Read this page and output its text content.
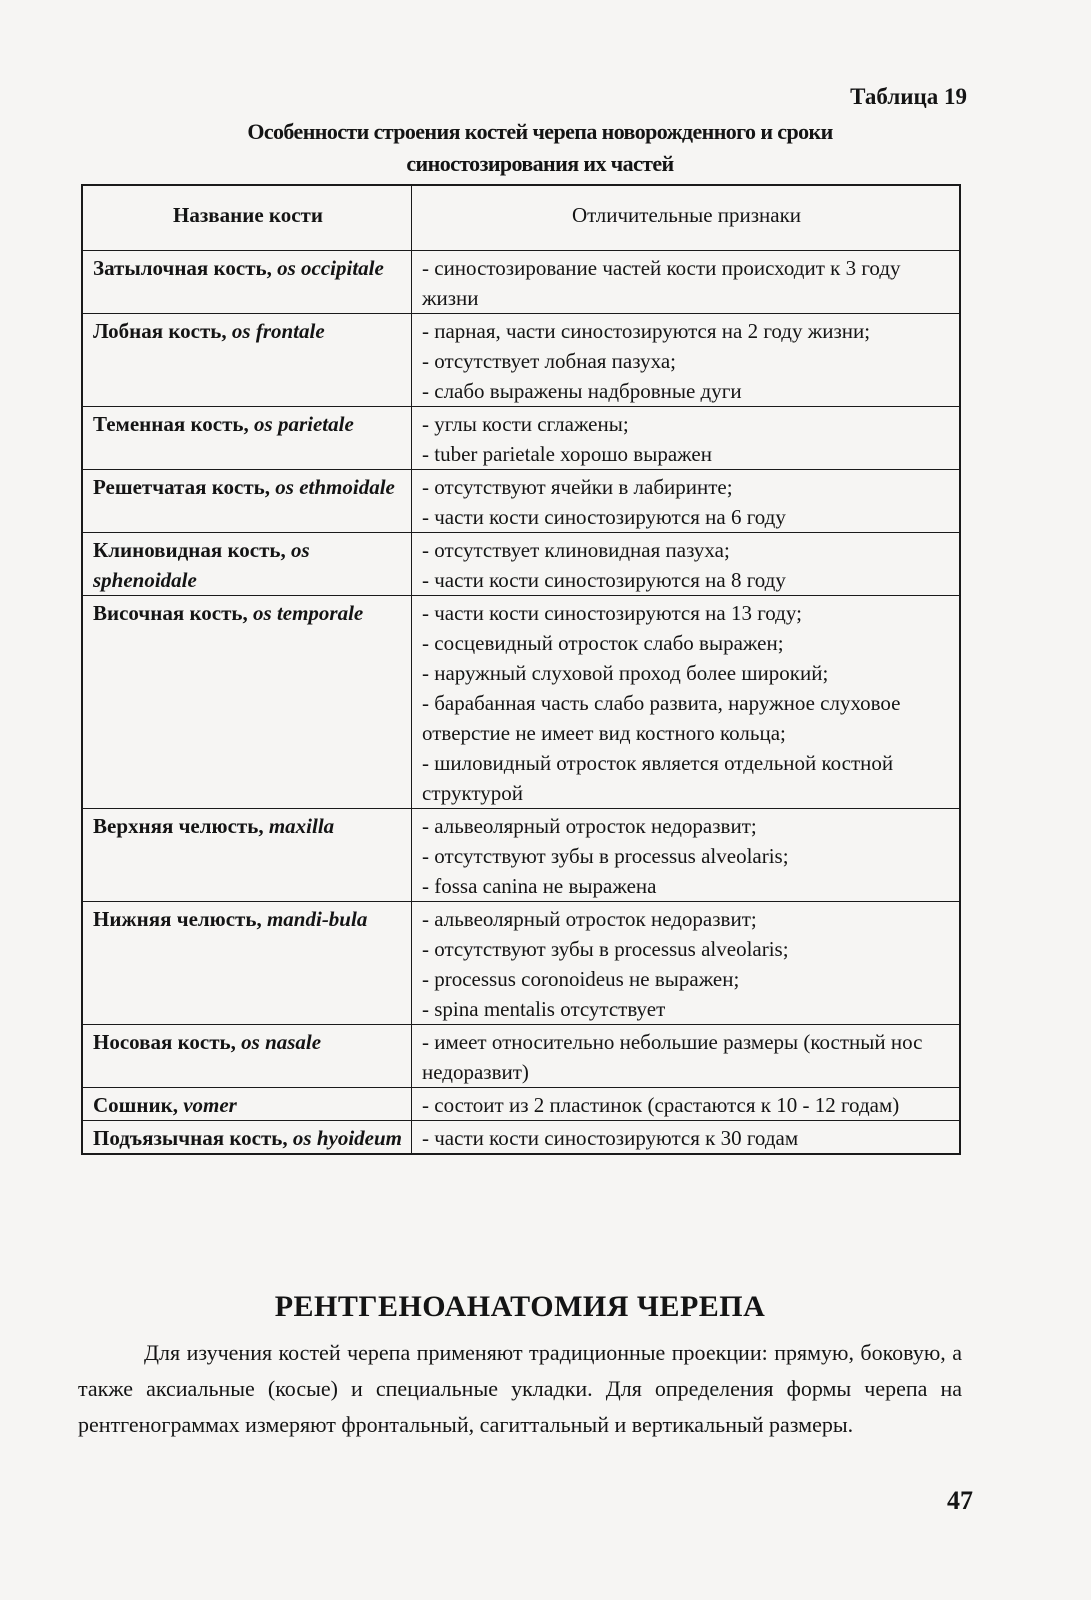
Таблица 19
Особенности строения костей черепа новорожденного и сроки
синостозирования их частей
Название кости	Отличительные признаки
Затылочная кость, os occipitale	- синостозирование частей кости происходит к 3 году жизни

Лобная кость, os frontale	- парная, части синостозируются на 2 году жизни;
- отсутствует лобная пазуха;
- слабо выражены надбровные дуги

Теменная кость, os parietale	- углы кости сглажены;
- tuber parietale хорошо выражен

Решетчатая кость, os ethmoidale	- отсутствуют ячейки в лабиринте;
- части кости синостозируются на 6 году

Клиновидная кость, os sphenoidale	- отсутствует клиновидная пазуха;
- части кости синостозируются на 8 году

Височная кость, os temporale	- части кости синостозируются на 13 году;
- сосцевидный отросток слабо выражен;
- наружный слуховой проход более широкий;
- барабанная часть слабо развита, наружное слуховое отверстие не имеет вид костного кольца;
- шиловидный отросток является отдельной костной структурой

Верхняя челюсть, maxilla	- альвеолярный отросток недоразвит;
- отсутствуют зубы в processus alveolaris;
- fossa canina не выражена

Нижняя челюсть, mandi-bula	- альвеолярный отросток недоразвит;
- отсутствуют зубы в processus alveolaris;
- processus coronoideus не выражен;
- spina mentalis отсутствует

Носовая кость, os nasale	- имеет относительно небольшие размеры (костный нос недоразвит)

Сошник, vomer	- состоит из 2 пластинок (срастаются к 10 - 12 годам)

Подъязычная кость, os hyoideum	- части кости синостозируются к 30 годам
РЕНТГЕНОАНАТОМИЯ ЧЕРЕПА

Для изучения костей черепа применяют традиционные проекции: прямую, боковую, а также аксиальные (косые) и специальные укладки. Для определения формы черепа на рентгенограммах измеряют фронтальный, сагиттальный и вертикальный размеры.

47
